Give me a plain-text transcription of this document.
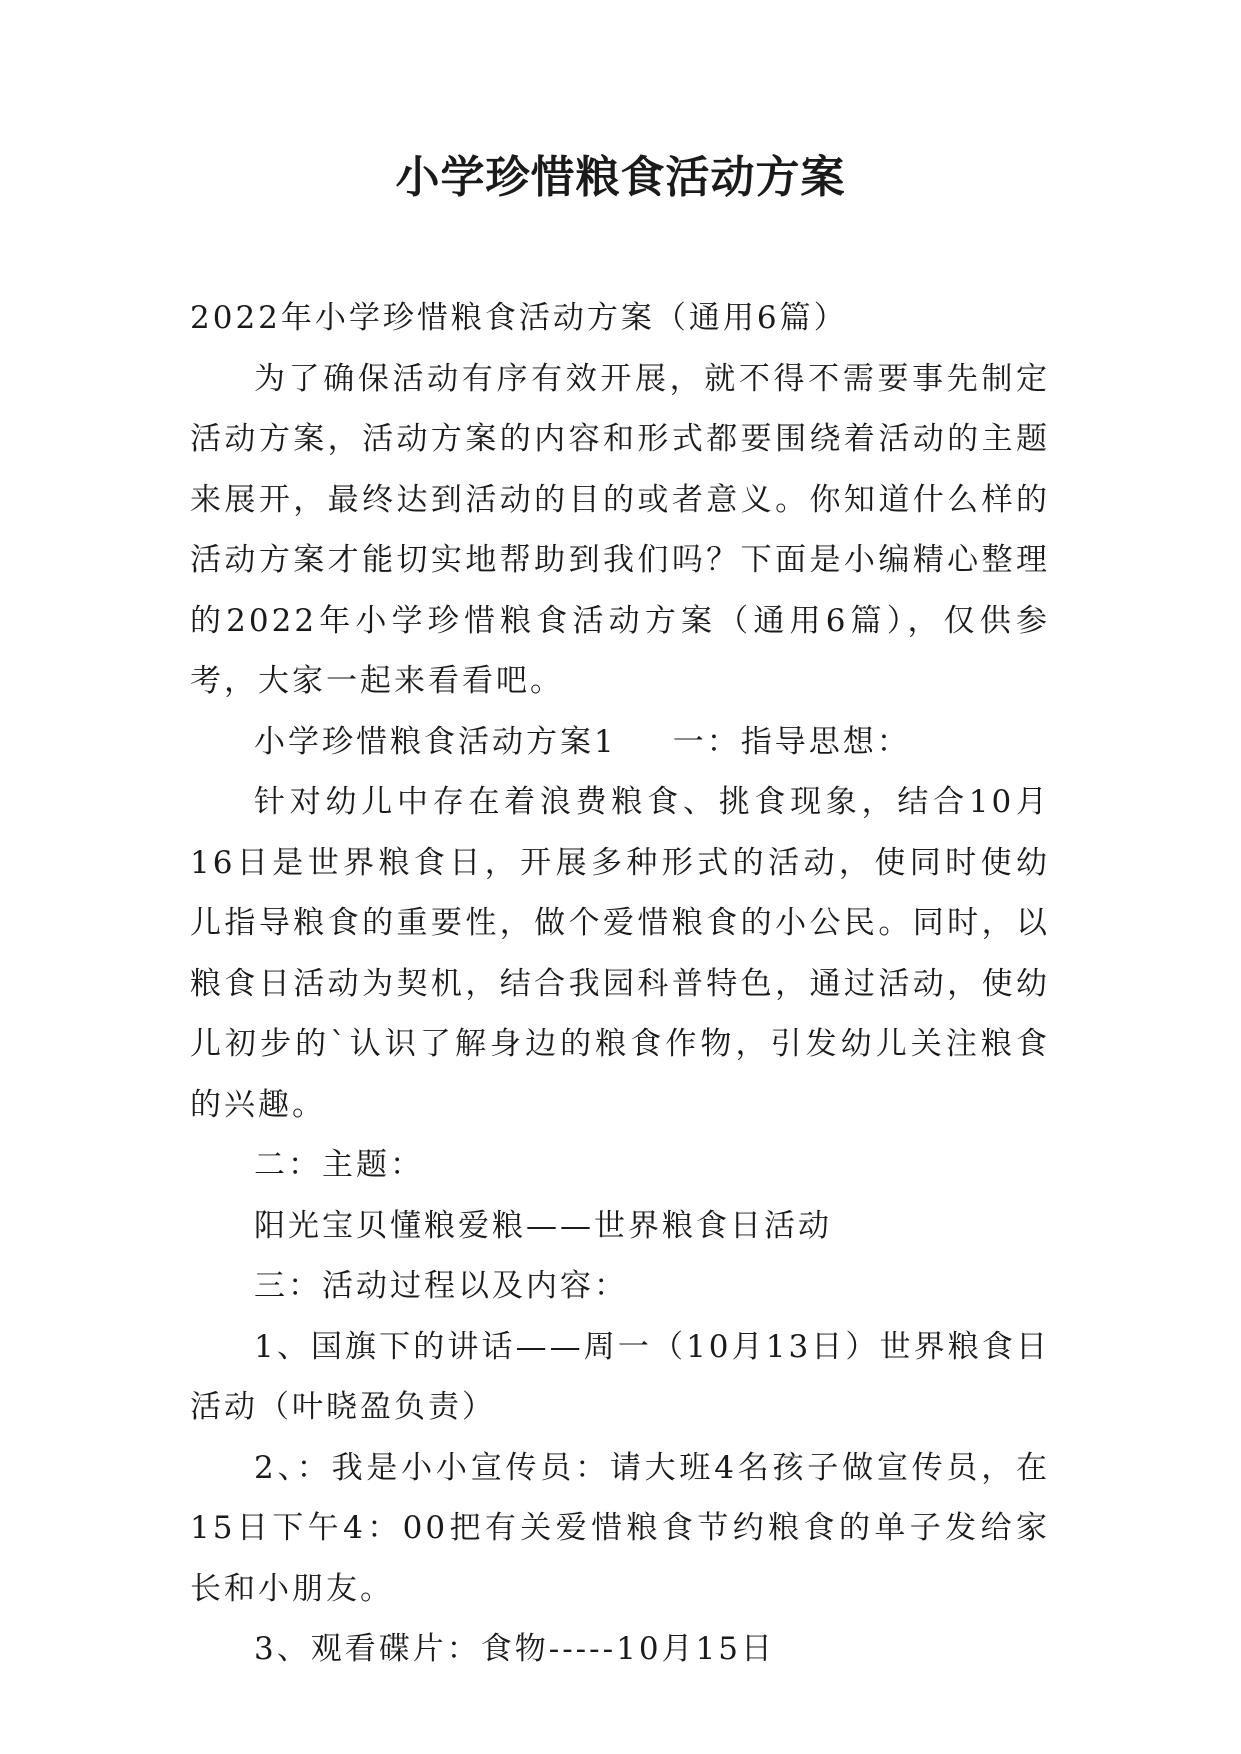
小学珍惜粮食活动方案

2022年小学珍惜粮食活动方案（通用6篇）

为了确保活动有序有效开展，就不得不需要事先制定活动方案，活动方案的内容和形式都要围绕着活动的主题来展开，最终达到活动的目的或者意义。你知道什么样的活动方案才能切实地帮助到我们吗？下面是小编精心整理的2022年小学珍惜粮食活动方案（通用6篇），仅供参考，大家一起来看看吧。

小学珍惜粮食活动方案1 一：指导思想：

针对幼儿中存在着浪费粮食、挑食现象，结合10月16日是世界粮食日，开展多种形式的活动，使同时使幼儿指导粮食的重要性，做个爱惜粮食的小公民。同时，以粮食日活动为契机，结合我园科普特色，通过活动，使幼儿初步的`认识了解身边的粮食作物，引发幼儿关注粮食的兴趣。

二：主题：

阳光宝贝懂粮爱粮——世界粮食日活动

三：活动过程以及内容：

1、国旗下的讲话——周一（10月13日）世界粮食日活动（叶晓盈负责）

2、：我是小小宣传员：请大班4名孩子做宣传员，在15日下午4：00把有关爱惜粮食节约粮食的单子发给家长和小朋友。

3、观看碟片：食物-----10月15日
